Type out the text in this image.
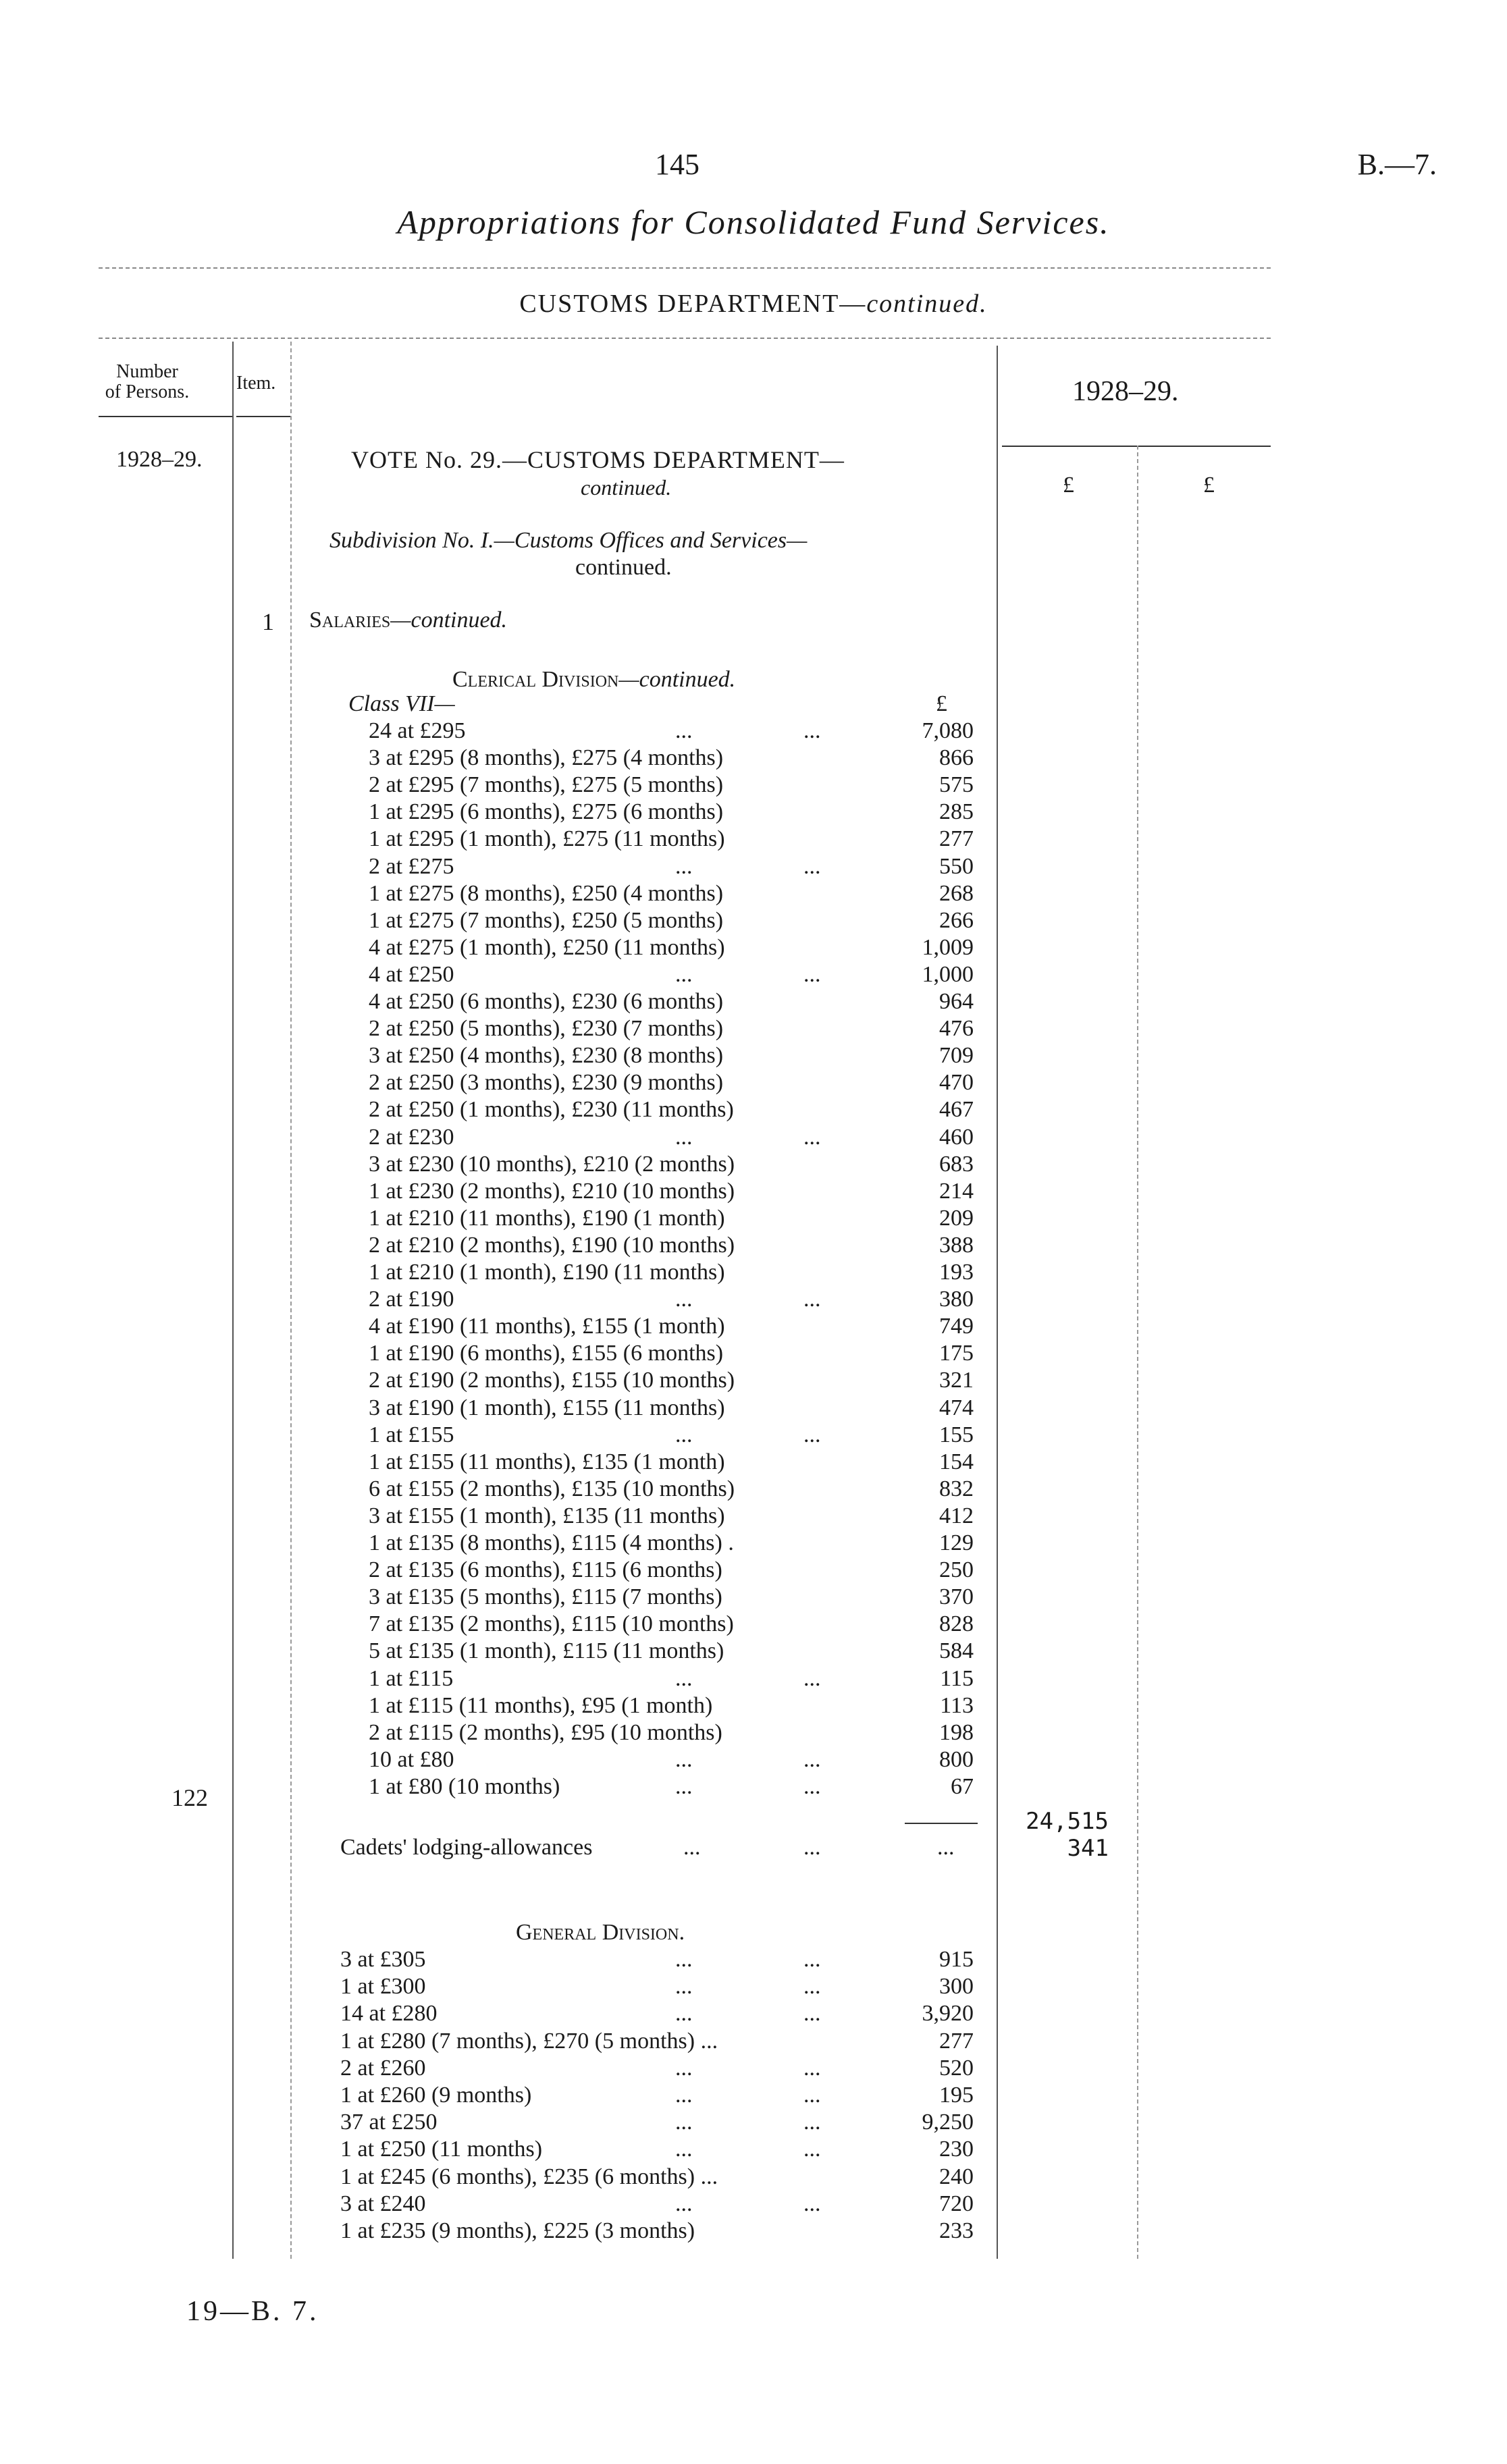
145	B.—7.
Appropriations for Consolidated Fund Services.
CUSTOMS DEPARTMENT—continued.
Number
of Persons.	Item.	1928–29.
1928–29.	VOTE No. 29.—CUSTOMS DEPARTMENT—
continued.	£	£
Subdivision No. I.—Customs Offices and Services—
continued.
1 Salaries—continued.
Clerical Division—continued.
Class VII—	£
24 at £295	...	...	7,080
3 at £295 (8 months), £275 (4 months)	866
2 at £295 (7 months), £275 (5 months)	575
1 at £295 (6 months), £275 (6 months)	285
1 at £295 (1 month), £275 (11 months)	277
2 at £275	...	...	550
1 at £275 (8 months), £250 (4 months)	268
1 at £275 (7 months), £250 (5 months)	266
4 at £275 (1 month), £250 (11 months)	1,009
4 at £250	...	...	1,000
4 at £250 (6 months), £230 (6 months)	964
2 at £250 (5 months), £230 (7 months)	476
3 at £250 (4 months), £230 (8 months)	709
2 at £250 (3 months), £230 (9 months)	470
2 at £250 (1 months), £230 (11 months)	467
2 at £230	...	...	460
3 at £230 (10 months), £210 (2 months)	683
1 at £230 (2 months), £210 (10 months)	214
1 at £210 (11 months), £190 (1 month)	209
2 at £210 (2 months), £190 (10 months)	388
1 at £210 (1 month), £190 (11 months)	193
2 at £190	...	...	380
4 at £190 (11 months), £155 (1 month)	749
1 at £190 (6 months), £155 (6 months)	175
2 at £190 (2 months), £155 (10 months)	321
3 at £190 (1 month), £155 (11 months)	474
1 at £155	...	...	155
1 at £155 (11 months), £135 (1 month)	154
6 at £155 (2 months), £135 (10 months)	832
3 at £155 (1 month), £135 (11 months)	412
1 at £135 (8 months), £115 (4 months) .	129
2 at £135 (6 months), £115 (6 months)	250
3 at £135 (5 months), £115 (7 months)	370
7 at £135 (2 months), £115 (10 months)	828
5 at £135 (1 month), £115 (11 months)	584
1 at £115	...	...	115
1 at £115 (11 months), £95 (1 month)	113
2 at £115 (2 months), £95 (10 months)	198
10 at £80	...	...	800
1 at £80 (10 months)	...	...	67
122
24,515
Cadets' lodging-allowances	...	...	...	341
General Division.
3 at £305	...	...	915
1 at £300	...	...	300
14 at £280	...	...	3,920
1 at £280 (7 months), £270 (5 months) ...	277
2 at £260	...	...	520
1 at £260 (9 months)	...	...	195
37 at £250	...	...	9,250
1 at £250 (11 months)	...	...	230
1 at £245 (6 months), £235 (6 months) ...	240
3 at £240	...	...	720
1 at £235 (9 months), £225 (3 months)	233
19—B. 7.
